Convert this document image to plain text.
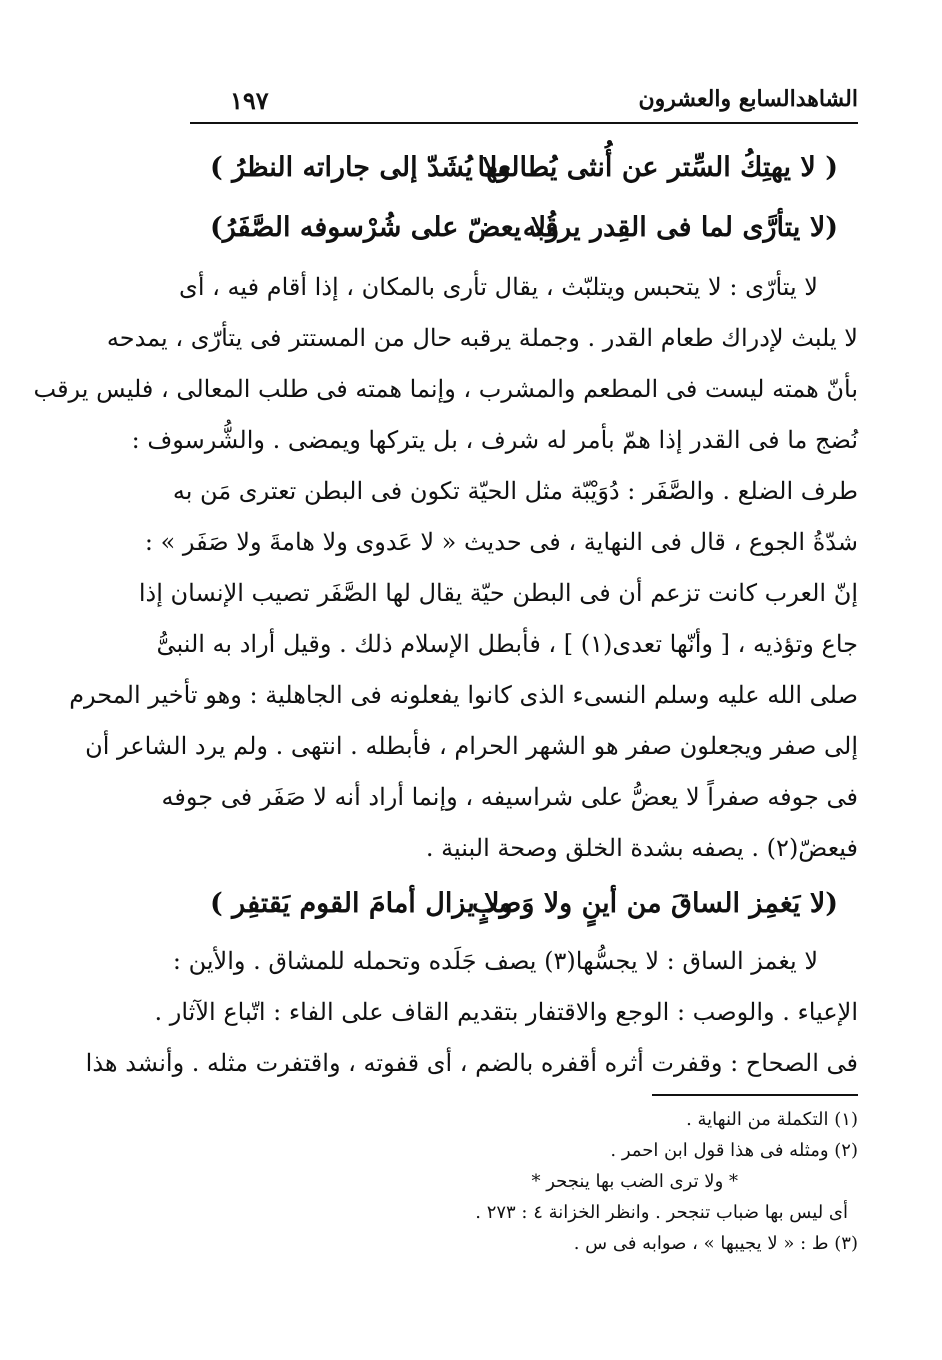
الشاهدالسابع والعشرون
١٩٧
( لا يهتِكُ السِّتر عن أُنثى يُطالعها
ولا يُشَدّ إلى جاراته النظرُ )
(لا يتأرَّى لما فى القِدر يرقُبه
ولا يعضّ على شُرْسوفه الصَّفَرُ)
لا يتأرّى : لا يتحبس ويتلبّث ، يقال تأرى بالمكان ، إذا أقام فيه ، أى
لا يلبث لإدراك طعام القدر . وجملة يرقبه حال من المستتر فى يتأرّى ، يمدحه
بأنّ همته ليست فى المطعم والمشرب ، وإنما همته فى طلب المعالى ، فليس يرقب
نُضج ما فى القدر إذا همّ بأمر له شرف ، بل يتركها ويمضى . والشُّرسوف :
طرف الضلع . والصَّفَر : دُوَيْبّة مثل الحيّة تكون فى البطن تعترى مَن به
شدّةُ الجوع ، قال فى النهاية ، فى حديث « لا عَدوى ولا هامةَ ولا صَفَر » :
إنّ العرب كانت تزعم أن فى البطن حيّة يقال لها الصَّفَر تصيب الإنسان إذا
جاع وتؤذيه ، [ وأنّها تعدى(١) ] ، فأبطل الإسلام ذلك . وقيل أراد به النبىُّ
صلى الله عليه وسلم النسىء الذى كانوا يفعلونه فى الجاهلية : وهو تأخير المحرم
إلى صفر ويجعلون صفر هو الشهر الحرام ، فأبطله . انتهى . ولم يرد الشاعر أن
فى جوفه صفراً لا يعضُّ على شراسيفه ، وإنما أراد أنه لا صَفَر فى جوفه
فيعضّ(٢) . يصفه بشدة الخلق وصحة البنية .
(لا يَغمِز الساقَ من أينٍ ولا وَصبٍ
ولا يزال أمامَ القوم يَقتفِر )
لا يغمز الساق : لا يجسُّها(٣) يصف جَلَده وتحمله للمشاق . والأين :
الإعياء . والوصب : الوجع والاقتفار بتقديم القاف على الفاء : اتّباع الآثار .
فى الصحاح : وقفرت أثره أقفره بالضم ، أى قفوته ، واقتفرت مثله . وأنشد هذا
(١) التكملة من النهاية .
(٢) ومثله فى هذا قول ابن احمر .
* ولا ترى الضب بها ينجحر *
أى ليس بها ضباب تنجحر . وانظر الخزانة ٤ : ٢٧٣ .
(٣) ط : « لا يجيبها » ، صوابه فى س .
